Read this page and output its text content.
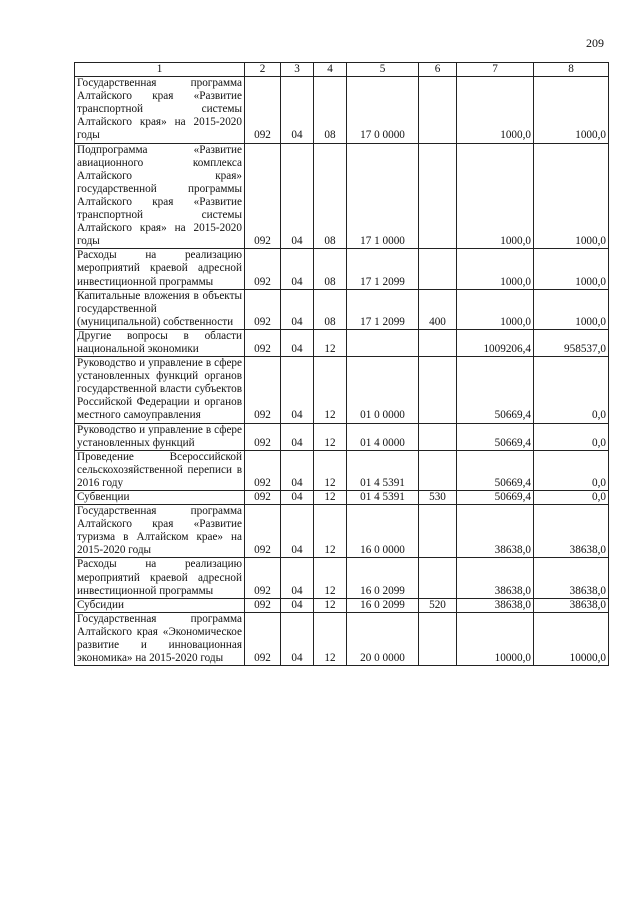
209
1	2	3	4	5	6	7	8
Государственная программа Алтайского края «Развитие транспортной системы Алтайского края» на 2015-2020 годы	092	04	08	17 0 0000		1000,0	1000,0
Подпрограмма «Развитие авиационного комплекса Алтайского края» государственной программы Алтайского края «Развитие транспортной системы Алтайского края» на 2015-2020 годы	092	04	08	17 1 0000		1000,0	1000,0
Расходы на реализацию мероприятий краевой адресной инвестиционной программы	092	04	08	17 1 2099		1000,0	1000,0
Капитальные вложения в объекты государственной (муниципальной) собственности	092	04	08	17 1 2099	400	1000,0	1000,0
Другие вопросы в области национальной экономики	092	04	12			1009206,4	958537,0
Руководство и управление в сфере установленных функций органов государственной власти субъектов Российской Федерации и органов местного самоуправления	092	04	12	01 0 0000		50669,4	0,0
Руководство и управление в сфере установленных функций	092	04	12	01 4 0000		50669,4	0,0
Проведение Всероссийской сельскохозяйственной переписи в 2016 году	092	04	12	01 4 5391		50669,4	0,0
Субвенции	092	04	12	01 4 5391	530	50669,4	0,0
Государственная программа Алтайского края «Развитие туризма в Алтайском крае» на 2015-2020 годы	092	04	12	16 0 0000		38638,0	38638,0
Расходы на реализацию мероприятий краевой адресной инвестиционной программы	092	04	12	16 0 2099		38638,0	38638,0
Субсидии	092	04	12	16 0 2099	520	38638,0	38638,0
Государственная программа Алтайского края «Экономическое развитие и инновационная экономика» на 2015-2020 годы	092	04	12	20 0 0000		10000,0	10000,0
